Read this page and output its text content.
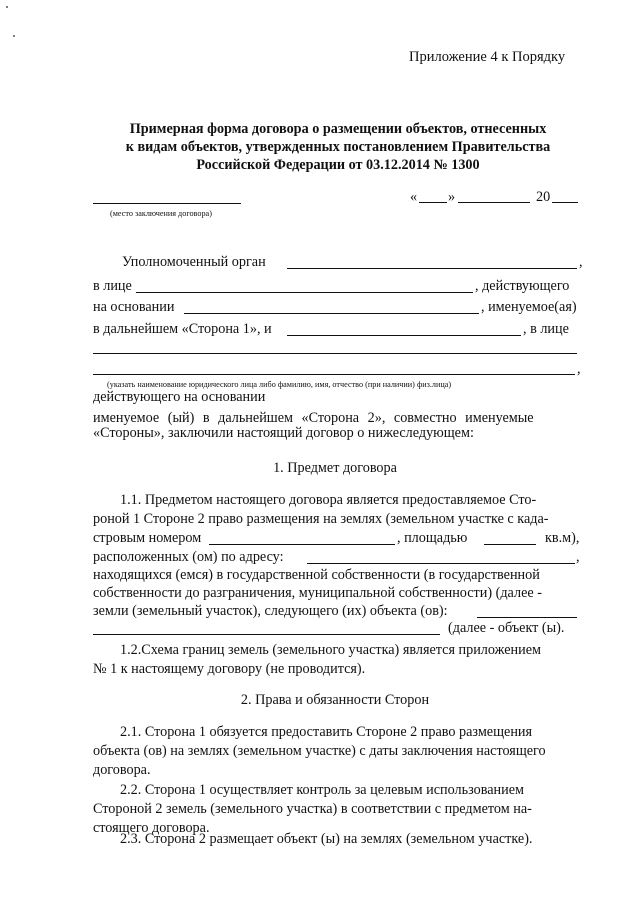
Приложение 4 к Порядку
Примерная форма договора о размещении объектов, отнесенных
к видам объектов, утвержденных постановлением Правительства
Российской Федерации от 03.12.2014 № 1300
(место заключения договора)
« »	20
Уполномоченный орган	,
в лице	, действующего
на основании	, именуемое(ая)
в дальнейшем «Сторона 1», и	, в лице
,
(указать наименование юридического лица либо фамилию, имя, отчество (при наличии) физ.лица)
действующего на основании
именуемое (ый) в дальнейшем «Сторона 2», совместно именуемые
«Стороны», заключили настоящий договор о нижеследующем:
1. Предмет договора
1.1. Предметом настоящего договора является предоставляемое Сто-
роной 1 Стороне 2 право размещения на землях (земельном участке с када-
стровым номером	, площадью	кв.м),
расположенных (ом) по адресу:	,
находящихся (емся) в государственной собственности (в государственной
собственности до разграничения, муниципальной собственности) (далее -
земли (земельный участок), следующего (их) объекта (ов):
(далее - объект (ы).
1.2.Схема границ земель (земельного участка) является приложением
№ 1 к настоящему договору (не проводится).
2. Права и обязанности Сторон
2.1. Сторона 1 обязуется предоставить Стороне 2 право размещения
объекта (ов) на землях (земельном участке) с даты заключения настоящего
договора.
2.2. Сторона 1 осуществляет контроль за целевым использованием
Стороной 2 земель (земельного участка) в соответствии с предметом на-
стоящего договора.
2.3. Сторона 2 размещает объект (ы) на землях (земельном участке).
